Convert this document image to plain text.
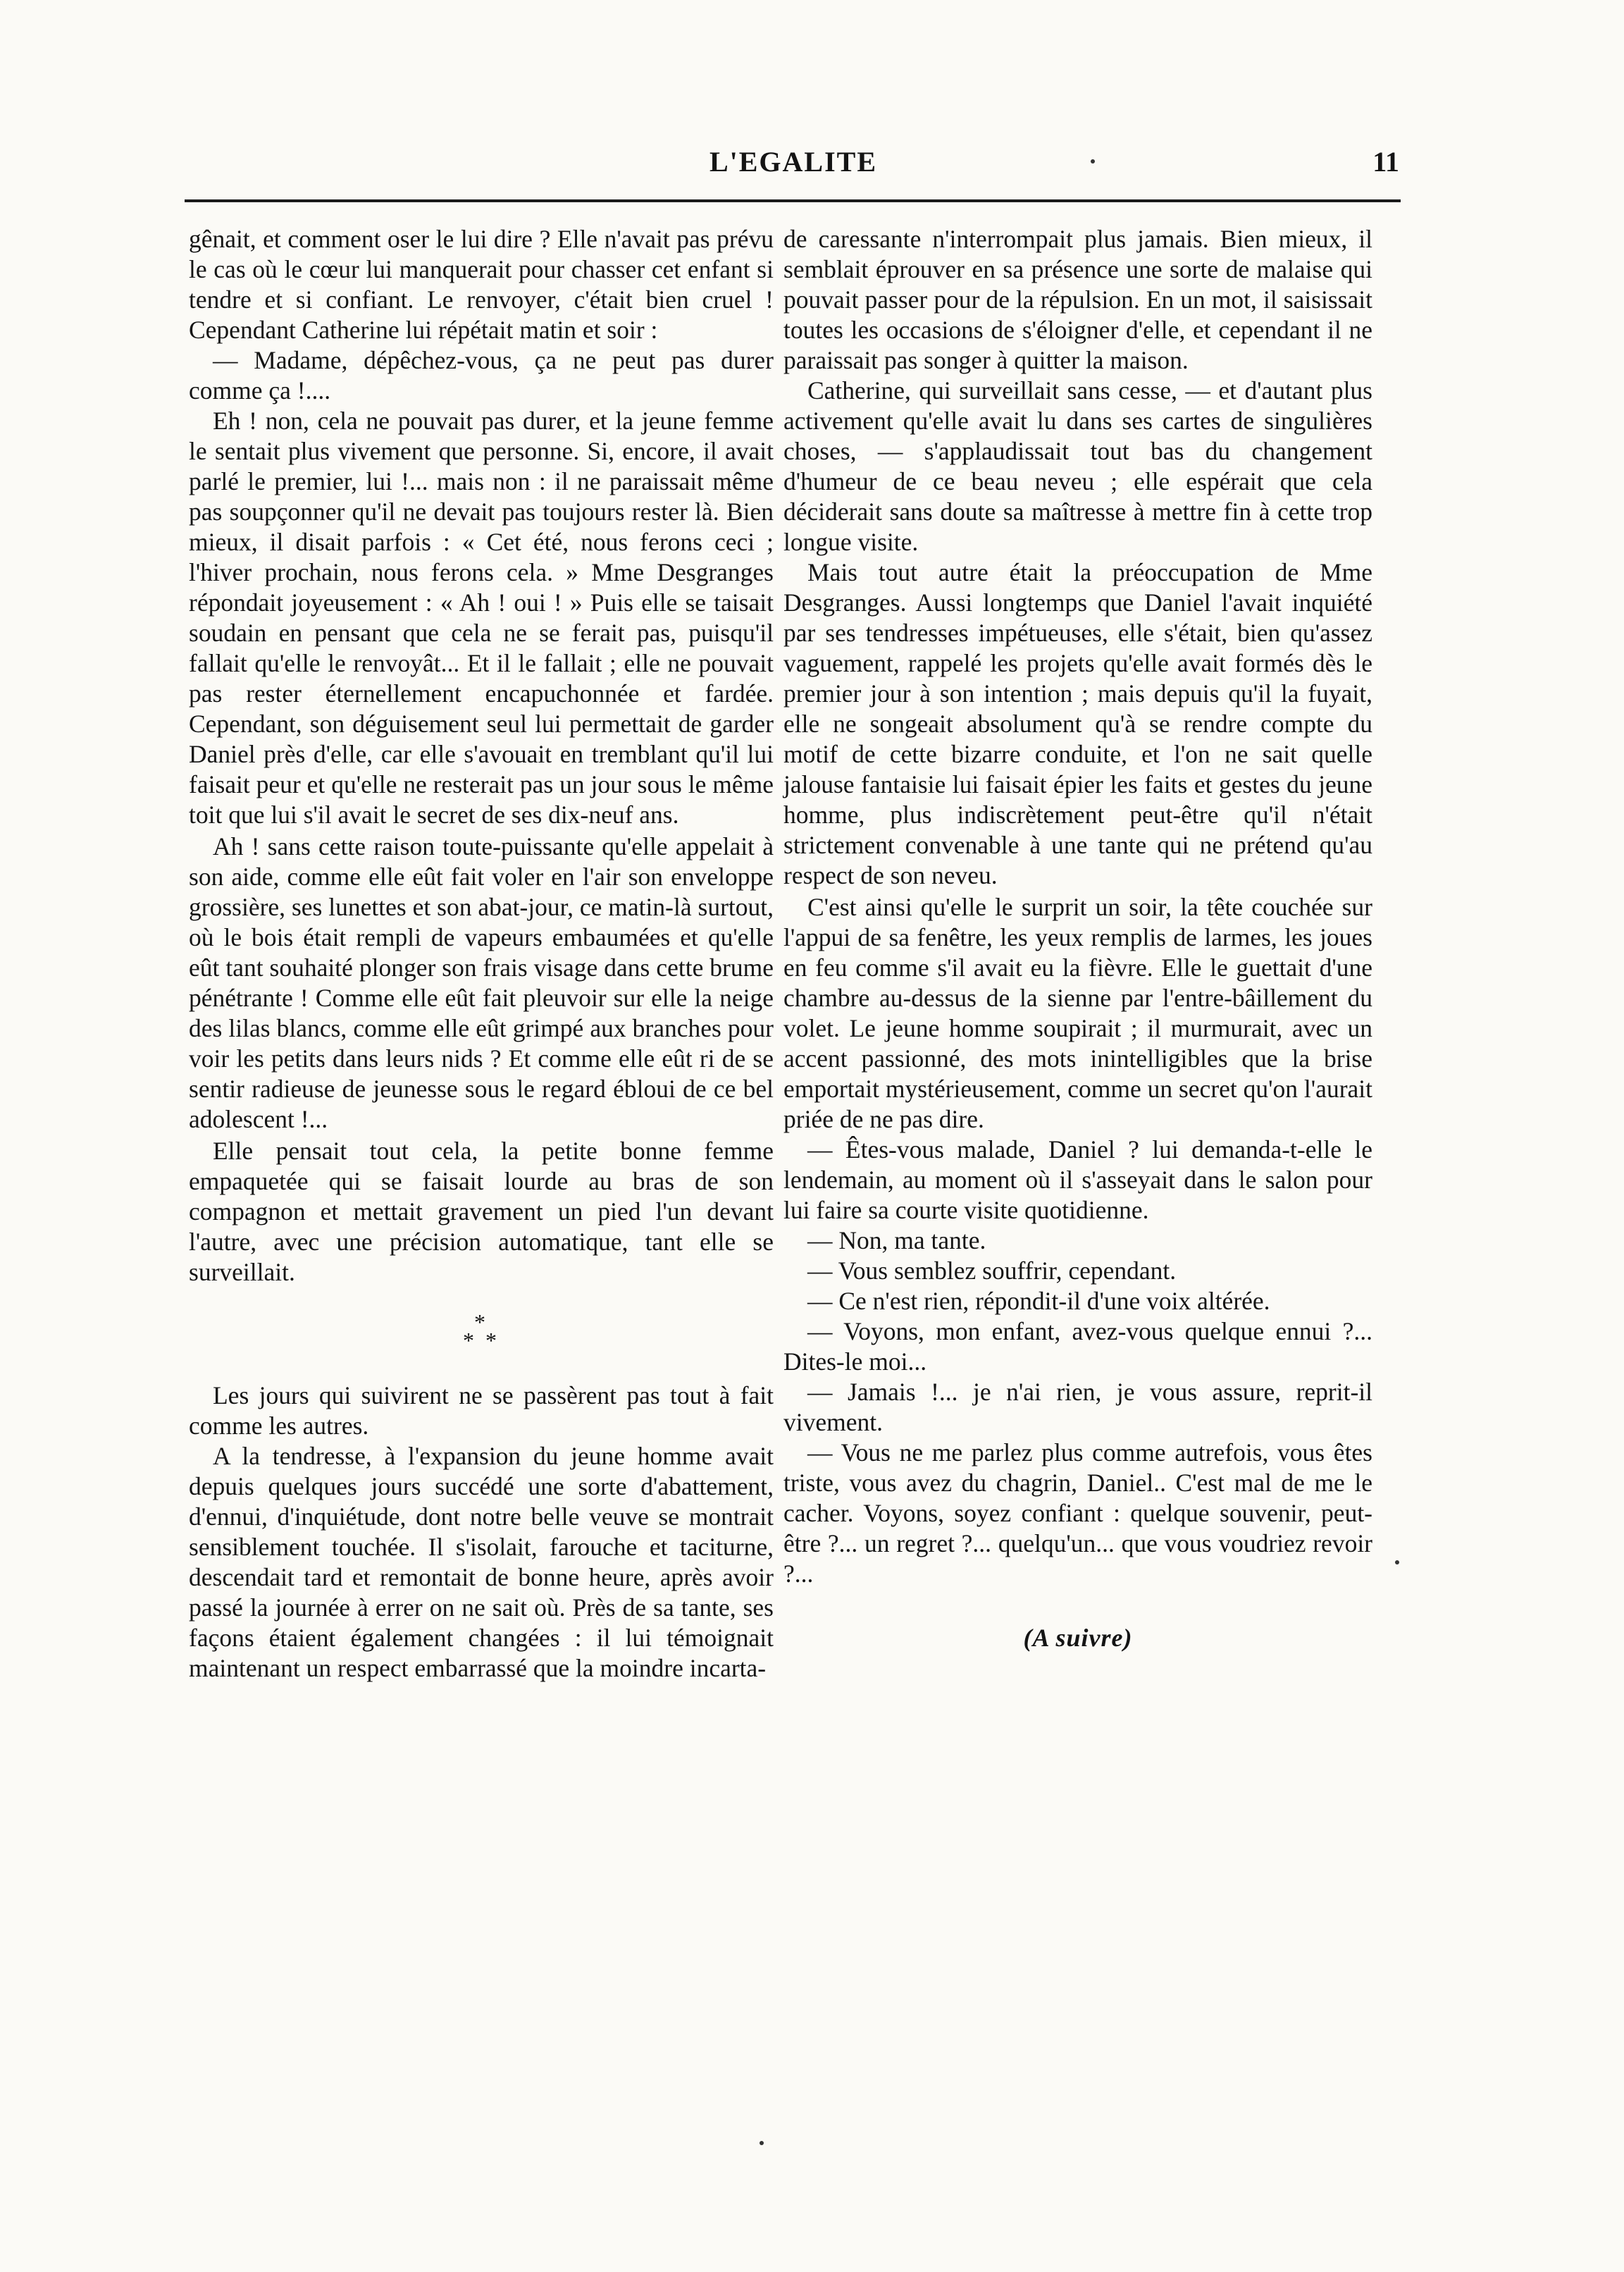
L'EGALITE	11

gênait, et comment oser le lui dire ? Elle n'avait pas prévu le cas où le cœur lui manquerait pour chasser cet enfant si tendre et si confiant. Le renvoyer, c'était bien cruel ! Cependant Catherine lui répétait matin et soir :

— Madame, dépêchez-vous, ça ne peut pas durer comme ça !....

Eh ! non, cela ne pouvait pas durer, et la jeune femme le sentait plus vivement que personne. Si, encore, il avait parlé le premier, lui !... mais non : il ne paraissait même pas soupçonner qu'il ne devait pas toujours rester là. Bien mieux, il disait parfois : « Cet été, nous ferons ceci ; l'hiver prochain, nous ferons cela. » Mme Desgranges répondait joyeusement : « Ah ! oui ! » Puis elle se taisait soudain en pensant que cela ne se ferait pas, puisqu'il fallait qu'elle le renvoyât... Et il le fallait ; elle ne pouvait pas rester éternellement encapuchonnée et fardée. Cependant, son déguisement seul lui permettait de garder Daniel près d'elle, car elle s'avouait en tremblant qu'il lui faisait peur et qu'elle ne resterait pas un jour sous le même toit que lui s'il avait le secret de ses dix-neuf ans.

Ah ! sans cette raison toute-puissante qu'elle appelait à son aide, comme elle eût fait voler en l'air son enveloppe grossière, ses lunettes et son abat-jour, ce matin-là surtout, où le bois était rempli de vapeurs embaumées et qu'elle eût tant souhaité plonger son frais visage dans cette brume pénétrante ! Comme elle eût fait pleuvoir sur elle la neige des lilas blancs, comme elle eût grimpé aux branches pour voir les petits dans leurs nids ? Et comme elle eût ri de se sentir radieuse de jeunesse sous le regard ébloui de ce bel adolescent !...

Elle pensait tout cela, la petite bonne femme empaquetée qui se faisait lourde au bras de son compagnon et mettait gravement un pied l'un devant l'autre, avec une précision automatique, tant elle se surveillait.

*
* *

Les jours qui suivirent ne se passèrent pas tout à fait comme les autres.

A la tendresse, à l'expansion du jeune homme avait depuis quelques jours succédé une sorte d'abattement, d'ennui, d'inquiétude, dont notre belle veuve se montrait sensiblement touchée. Il s'isolait, farouche et taciturne, descendait tard et remontait de bonne heure, après avoir passé la journée à errer on ne sait où. Près de sa tante, ses façons étaient également changées : il lui témoignait maintenant un respect embarrassé que la moindre incarta-

de caressante n'interrompait plus jamais. Bien mieux, il semblait éprouver en sa présence une sorte de malaise qui pouvait passer pour de la répulsion. En un mot, il saisissait toutes les occasions de s'éloigner d'elle, et cependant il ne paraissait pas songer à quitter la maison.

Catherine, qui surveillait sans cesse, — et d'autant plus activement qu'elle avait lu dans ses cartes de singulières choses, — s'applaudissait tout bas du changement d'humeur de ce beau neveu ; elle espérait que cela déciderait sans doute sa maîtresse à mettre fin à cette trop longue visite.

Mais tout autre était la préoccupation de Mme Desgranges. Aussi longtemps que Daniel l'avait inquiété par ses tendresses impétueuses, elle s'était, bien qu'assez vaguement, rappelé les projets qu'elle avait formés dès le premier jour à son intention ; mais depuis qu'il la fuyait, elle ne songeait absolument qu'à se rendre compte du motif de cette bizarre conduite, et l'on ne sait quelle jalouse fantaisie lui faisait épier les faits et gestes du jeune homme, plus indiscrètement peut-être qu'il n'était strictement convenable à une tante qui ne prétend qu'au respect de son neveu.

C'est ainsi qu'elle le surprit un soir, la tête couchée sur l'appui de sa fenêtre, les yeux remplis de larmes, les joues en feu comme s'il avait eu la fièvre. Elle le guettait d'une chambre au-dessus de la sienne par l'entre-bâillement du volet. Le jeune homme soupirait ; il murmurait, avec un accent passionné, des mots inintelligibles que la brise emportait mystérieusement, comme un secret qu'on l'aurait priée de ne pas dire.

— Êtes-vous malade, Daniel ? lui demanda-t-elle le lendemain, au moment où il s'asseyait dans le salon pour lui faire sa courte visite quotidienne.

— Non, ma tante.

— Vous semblez souffrir, cependant.

— Ce n'est rien, répondit-il d'une voix altérée.

— Voyons, mon enfant, avez-vous quelque ennui ?... Dites-le moi...

— Jamais !... je n'ai rien, je vous assure, reprit-il vivement.

— Vous ne me parlez plus comme autrefois, vous êtes triste, vous avez du chagrin, Daniel.. C'est mal de me le cacher. Voyons, soyez confiant : quelque souvenir, peut-être ?... un regret ?... quelqu'un... que vous voudriez revoir ?...

(A suivre)
